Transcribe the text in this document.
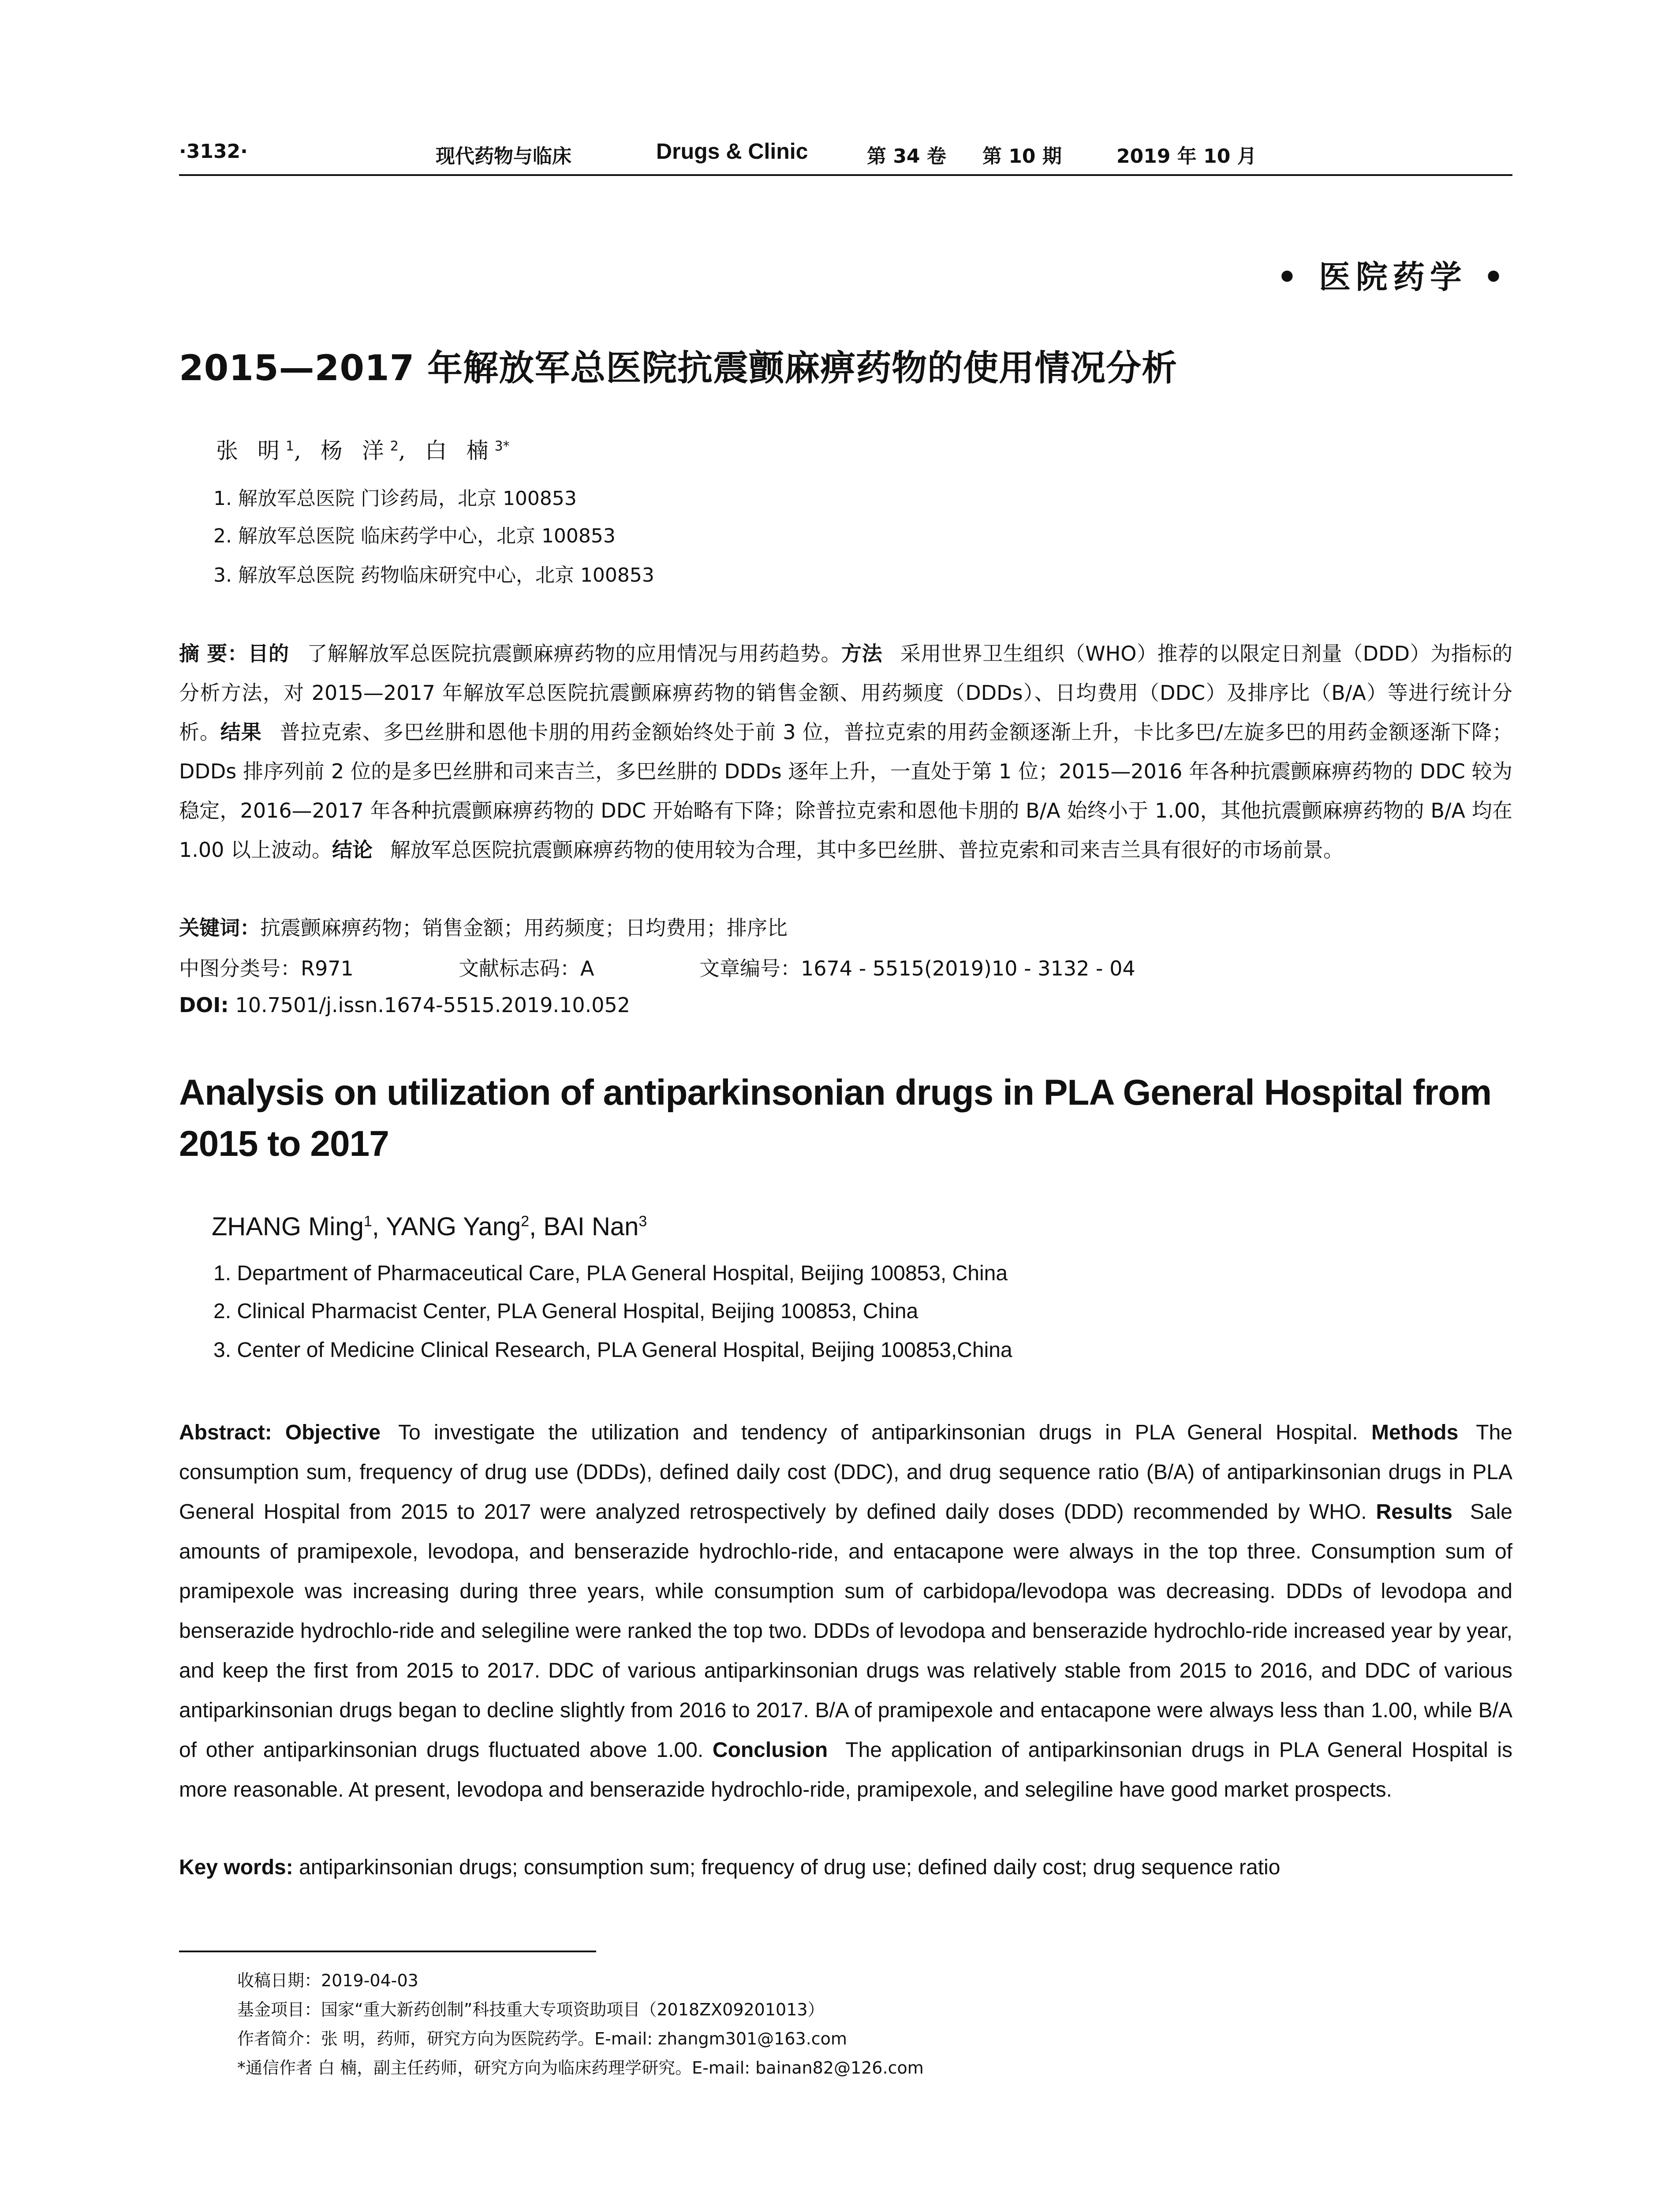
·3132·	现代药物与临床	Drugs & Clinic	第 34 卷 第 10 期	2019 年 10 月
• 医院药学 •
2015—2017 年解放军总医院抗震颤麻痹药物的使用情况分析
张 明$^1$, 杨 洋$^2$, 白 楠$^{3*}$
1. 解放军总医院 门诊药局，北京 100853
2. 解放军总医院 临床药学中心，北京 100853
3. 解放军总医院 药物临床研究中心，北京 100853
摘 要：目的 了解解放军总医院抗震颤麻痹药物的应用情况与用药趋势。方法 采用世界卫生组织（WHO）推荐的以限定日剂量（DDD）为指标的分析方法，对 2015—2017 年解放军总医院抗震颤麻痹药物的销售金额、用药频度（DDDs）、日均费用（DDC）及排序比（B/A）等进行统计分析。结果 普拉克索、多巴丝肼和恩他卡朋的用药金额始终处于前 3 位，普拉克索的用药金额逐渐上升，卡比多巴/左旋多巴的用药金额逐渐下降；DDDs 排序列前 2 位的是多巴丝肼和司来吉兰，多巴丝肼的 DDDs 逐年上升，一直处于第 1 位；2015—2016 年各种抗震颤麻痹药物的 DDC 较为稳定，2016—2017 年各种抗震颤麻痹药物的 DDC 开始略有下降；除普拉克索和恩他卡朋的 B/A 始终小于 1.00，其他抗震颤麻痹药物的 B/A 均在 1.00 以上波动。结论 解放军总医院抗震颤麻痹药物的使用较为合理，其中多巴丝肼、普拉克索和司来吉兰具有很好的市场前景。
关键词：抗震颤麻痹药物；销售金额；用药频度；日均费用；排序比
中图分类号：R971	文献标志码：A	文章编号：1674 - 5515(2019)10 - 3132 - 04
DOI: 10.7501/j.issn.1674-5515.2019.10.052
Analysis on utilization of antiparkinsonian drugs in PLA General Hospital from 2015 to 2017
ZHANG Ming$^1$, YANG Yang$^2$, BAI Nan$^3$
1. Department of Pharmaceutical Care, PLA General Hospital, Beijing 100853, China
2. Clinical Pharmacist Center, PLA General Hospital, Beijing 100853, China
3. Center of Medicine Clinical Research, PLA General Hospital, Beijing 100853,China
Abstract: Objective To investigate the utilization and tendency of antiparkinsonian drugs in PLA General Hospital. Methods The consumption sum, frequency of drug use (DDDs), defined daily cost (DDC), and drug sequence ratio (B/A) of antiparkinsonian drugs in PLA General Hospital from 2015 to 2017 were analyzed retrospectively by defined daily doses (DDD) recommended by WHO. Results Sale amounts of pramipexole, levodopa, and benserazide hydrochlo-ride, and entacapone were always in the top three. Consumption sum of pramipexole was increasing during three years, while consumption sum of carbidopa/levodopa was decreasing. DDDs of levodopa and benserazide hydrochlo-ride and selegiline were ranked the top two. DDDs of levodopa and benserazide hydrochlo-ride increased year by year, and keep the first from 2015 to 2017. DDC of various antiparkinsonian drugs was relatively stable from 2015 to 2016, and DDC of various antiparkinsonian drugs began to decline slightly from 2016 to 2017. B/A of pramipexole and entacapone were always less than 1.00, while B/A of other antiparkinsonian drugs fluctuated above 1.00. Conclusion The application of antiparkinsonian drugs in PLA General Hospital is more reasonable. At present, levodopa and benserazide hydrochlo-ride, pramipexole, and selegiline have good market prospects.
Key words: antiparkinsonian drugs; consumption sum; frequency of drug use; defined daily cost; drug sequence ratio
收稿日期：2019-04-03
基金项目：国家“重大新药创制”科技重大专项资助项目（2018ZX09201013）
作者简介：张 明，药师，研究方向为医院药学。E-mail: zhangm301@163.com
*通信作者 白 楠，副主任药师，研究方向为临床药理学研究。E-mail: bainan82@126.com
